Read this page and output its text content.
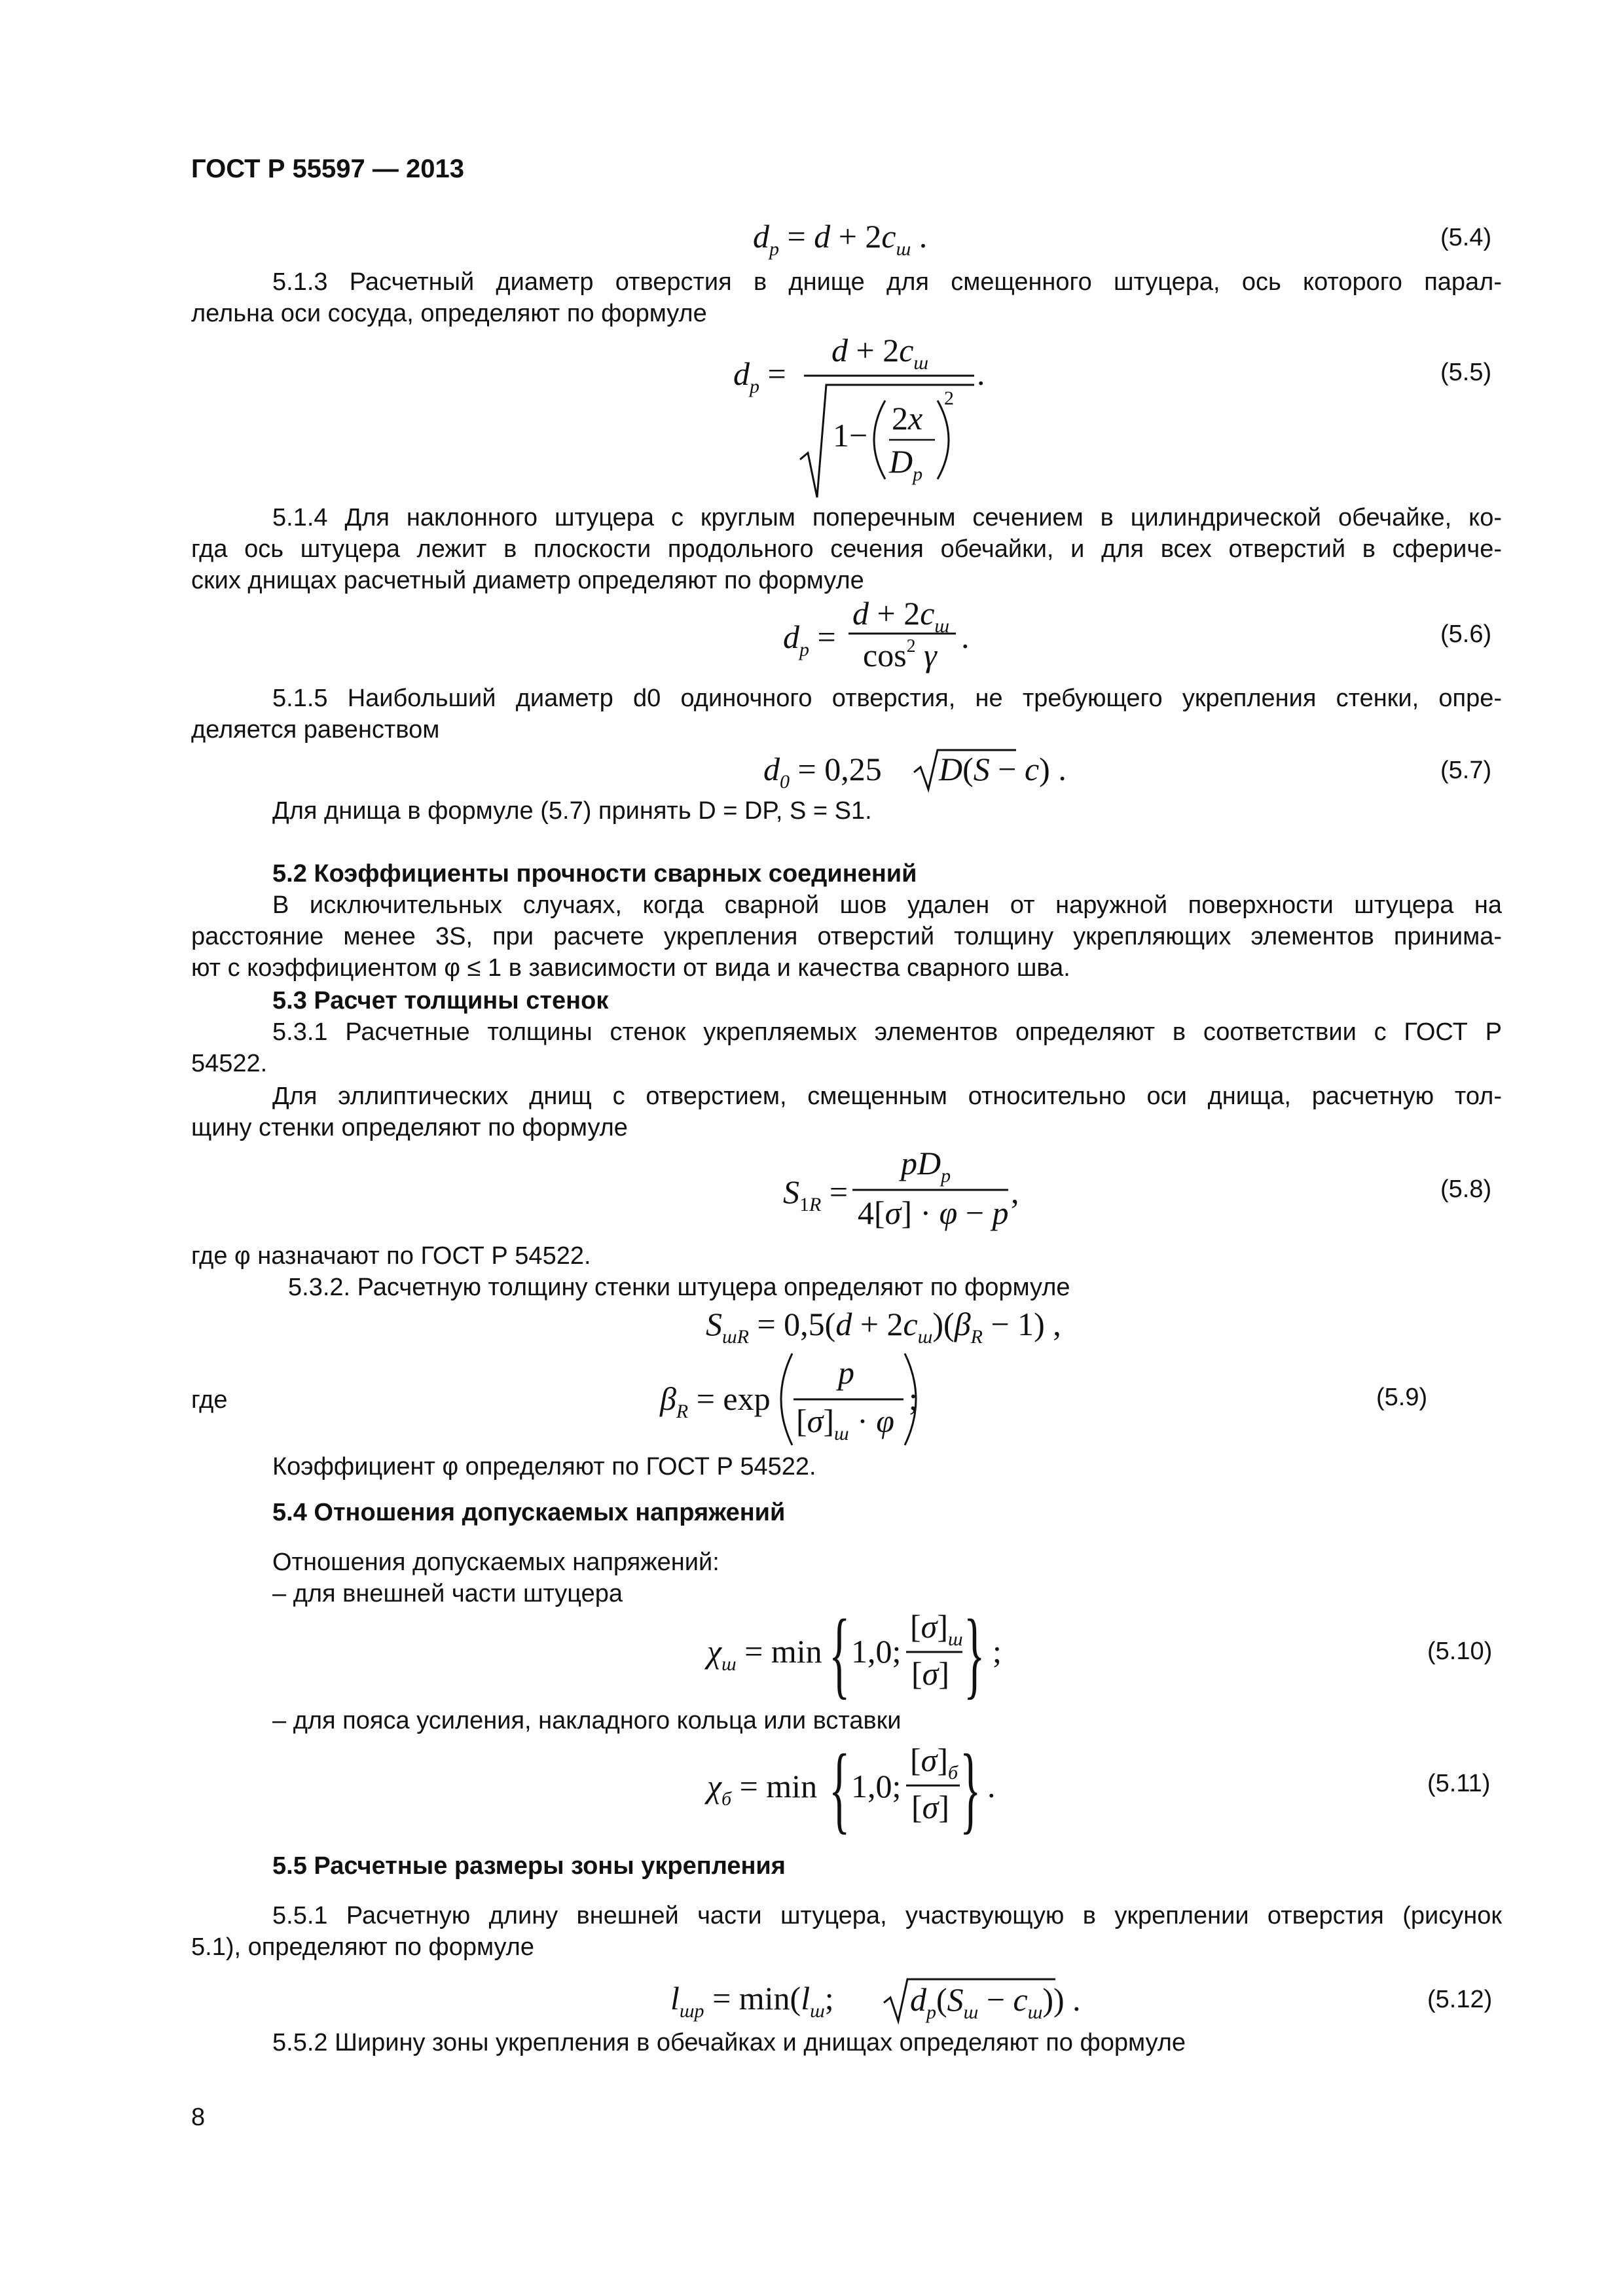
ГОСТ Р 55597 — 2013
$d_p = d + 2c_ш$ .	(5.4)
5.1.3 Расчетный диаметр отверстия в днище для смещенного штуцера, ось которого парал-
лельна оси сосуда, определяют по формуле
$d_p$ =
$d + 2c_ш$
1− 2x
$D_p$
2
.	(5.5)
5.1.4 Для наклонного штуцера с круглым поперечным сечением в цилиндрической обечайке, ко-
гда ось штуцера лежит в плоскости продольного сечения обечайки, и для всех отверстий в сфериче-
ских днищах расчетный диаметр определяют по формуле
$d_p$ =
$d + 2c_ш$
$\cos^2 \gamma$ .	(5.6)
5.1.5 Наибольший диаметр d0 одиночного отверстия, не требующего укрепления стенки, опре-
деляется равенством
$d_0 = 0,25$ D(S − c) .	(5.7)
Для днища в формуле (5.7) принять D = DP, S = S1.
5.2 Коэффициенты прочности сварных соединений
В исключительных случаях, когда сварной шов удален от наружной поверхности штуцера на
расстояние менее 3S, при расчете укрепления отверстий толщину укрепляющих элементов принима-
ют с коэффициентом φ ≤ 1 в зависимости от вида и качества сварного шва.
5.3 Расчет толщины стенок
5.3.1 Расчетные толщины стенок укрепляемых элементов определяют в соответствии с ГОСТ Р
54522.
Для эллиптических днищ с отверстием, смещенным относительно оси днища, расчетную тол-
щину стенки определяют по формуле
$S_{1R}$ =
$pD_p$
4[σ] · φ − p
,	(5.8)
где φ назначают по ГОСТ Р 54522.
5.3.2. Расчетную толщину стенки штуцера определяют по формуле
$S_{шR} = 0,5(d + 2c_ш)(\beta_R - 1)$ ,
где	$\beta_R = \exp$
p
$[\sigma]_ш \cdot \varphi$
;	(5.9)
Коэффициент φ определяют по ГОСТ Р 54522.
5.4 Отношения допускаемых напряжений
Отношения допускаемых напряжений:
– для внешней части штуцера
$\chi_ш = \min$ { 1,0;
$[\sigma]_ш$
[σ] } ;	(5.10)
– для пояса усиления, накладного кольца или вставки
$\chi_б = \min$ { 1,0;
$[\sigma]_б$
[σ] } .	(5.11)
5.5 Расчетные размеры зоны укрепления
5.5.1 Расчетную длину внешней части штуцера, участвующую в укреплении отверстия (рисунок
5.1), определяют по формуле
$l_{шр} = \min(l_ш$; $d_p(S_ш - c_ш)$) .	(5.12)
5.5.2 Ширину зоны укрепления в обечайках и днищах определяют по формуле
8
